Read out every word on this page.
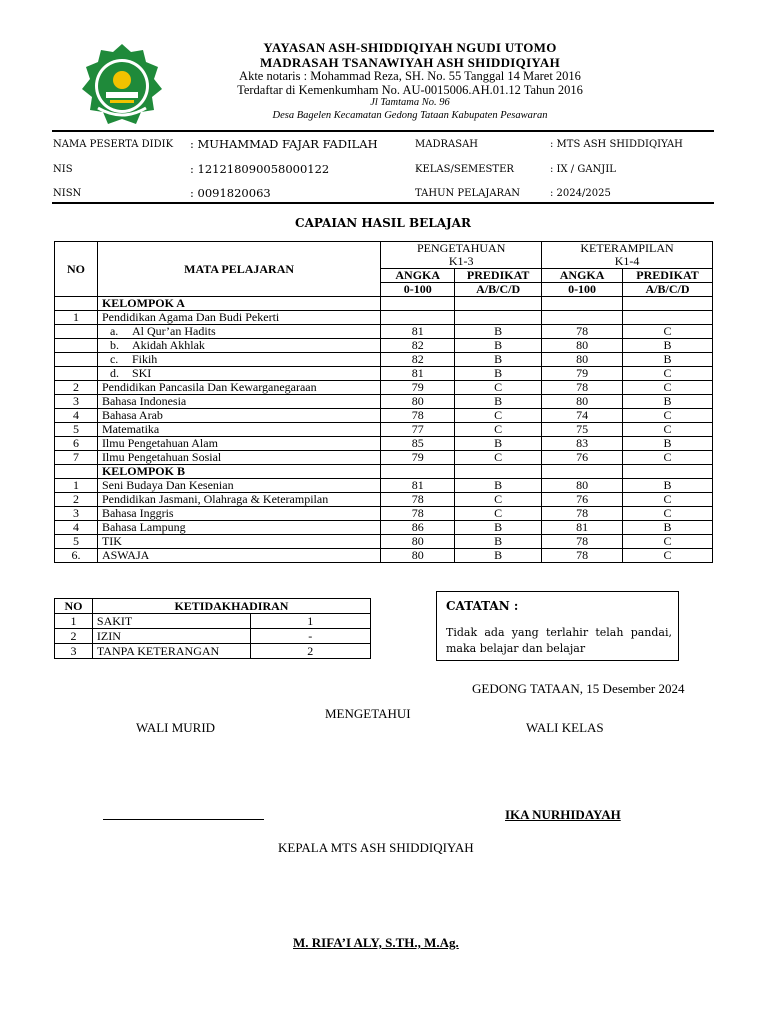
YAYASAN ASH-SHIDDIQIYAH NGUDI UTOMO
MADRASAH TSANAWIYAH ASH SHIDDIQIYAH
Akte notaris : Mohammad Reza, SH. No. 55 Tanggal 14 Maret 2016
Terdaftar di Kemenkumham No. AU-0015006.AH.01.12 Tahun 2016
Jl Tamtama No. 96
Desa Bagelen Kecamatan Gedong Tataan Kabupaten Pesawaran
NAMA PESERTA DIDIK : MUHAMMAD FAJAR FADILAH
NIS	: 121218090058000122
NISN	: 0091820063
MADRASAH	: MTS ASH SHIDDIQIYAH
KELAS/SEMESTER	: IX / GANJIL
TAHUN PELAJARAN	: 2024/2025
CAPAIAN HASIL BELAJAR
NO	MATA PELAJARAN	PENGETAHUAN		KETERAMPILAN	
		K1-3		K1-4	
		ANGKA	PREDIKAT	ANGKA	PREDIKAT
		0-100	A/B/C/D	0-100	A/B/C/D
	KELOMPOK A				
1	Pendidikan Agama Dan Budi Pekerti				
	a. Al Qur’an Hadits	81	B	78	C
	b. Akidah Akhlak	82	B	80	B
	c. Fikih	82	B	80	B
	d. SKI	81	B	79	C
2	Pendidikan Pancasila Dan Kewarganegaraan	79	C	78	C
3	Bahasa Indonesia	80	B	80	B
4	Bahasa Arab	78	C	74	C
5	Matematika	77	C	75	C
6	Ilmu Pengetahuan Alam	85	B	83	B
7	Ilmu Pengetahuan Sosial	79	C	76	C
	KELOMPOK B				
1	Seni Budaya Dan Kesenian	81	B	80	B
2	Pendidikan Jasmani, Olahraga & Keterampilan	78	C	76	C
3	Bahasa Inggris	78	C	78	C
4	Bahasa Lampung	86	B	81	B
5	TIK	80	B	78	C
6.	ASWAJA	80	B	78	C
NO	KETIDAKHADIRAN	
1	SAKIT	1
2	IZIN	-
3	TANPA KETERANGAN	2
CATATAN :
Tidak ada yang terlahir telah pandai, maka belajar dan belajar
GEDONG TATAAN, 15 Desember 2024
MENGETAHUI
WALI MURID	WALI KELAS
IKA NURHIDAYAH
KEPALA MTS ASH SHIDDIQIYAH
M. RIFA’I ALY, S.TH., M.Ag.
